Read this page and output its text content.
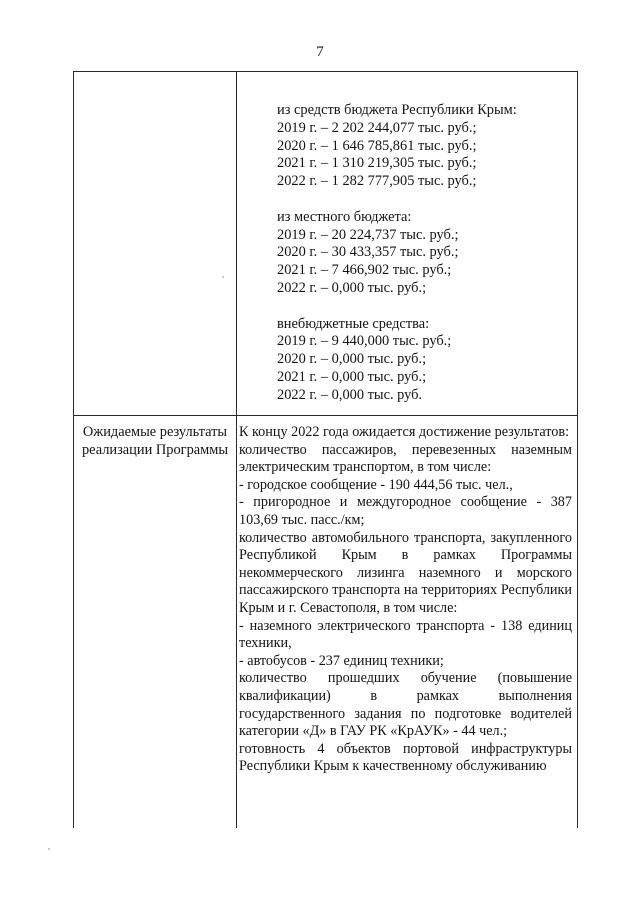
7
из средств бюджета Республики Крым:
2019 г. – 2 202 244,077 тыс. руб.;
2020 г. – 1 646 785,861 тыс. руб.;
2021 г. – 1 310 219,305 тыс. руб.;
2022 г. – 1 282 777,905 тыс. руб.;
из местного бюджета:
2019 г. – 20 224,737 тыс. руб.;
2020 г. – 30 433,357 тыс. руб.;
2021 г. – 7 466,902 тыс. руб.;
2022 г. – 0,000 тыс. руб.;
внебюджетные средства:
2019 г. – 9 440,000 тыс. руб.;
2020 г. – 0,000 тыс. руб.;
2021 г. – 0,000 тыс. руб.;
2022 г. – 0,000 тыс. руб.
Ожидаемые результаты реализации Программы
К концу 2022 года ожидается достижение результатов:
количество пассажиров, перевезенных наземным электрическим транспортом, в том числе:
- городское сообщение - 190 444,56 тыс. чел.,
- пригородное и междугородное сообщение - 387 103,69 тыс. пасс./км;
количество автомобильного транспорта, закупленного Республикой Крым в рамках Программы некоммерческого лизинга наземного и морского пассажирского транспорта на территориях Республики Крым и г. Севастополя, в том числе:
- наземного электрического транспорта - 138 единиц техники,
- автобусов - 237 единиц техники;
количество прошедших обучение (повышение квалификации) в рамках выполнения государственного задания по подготовке водителей категории «Д» в ГАУ РК «КрАУК» - 44 чел.;
готовность 4 объектов портовой инфраструктуры Республики Крым к качественному обслуживанию
